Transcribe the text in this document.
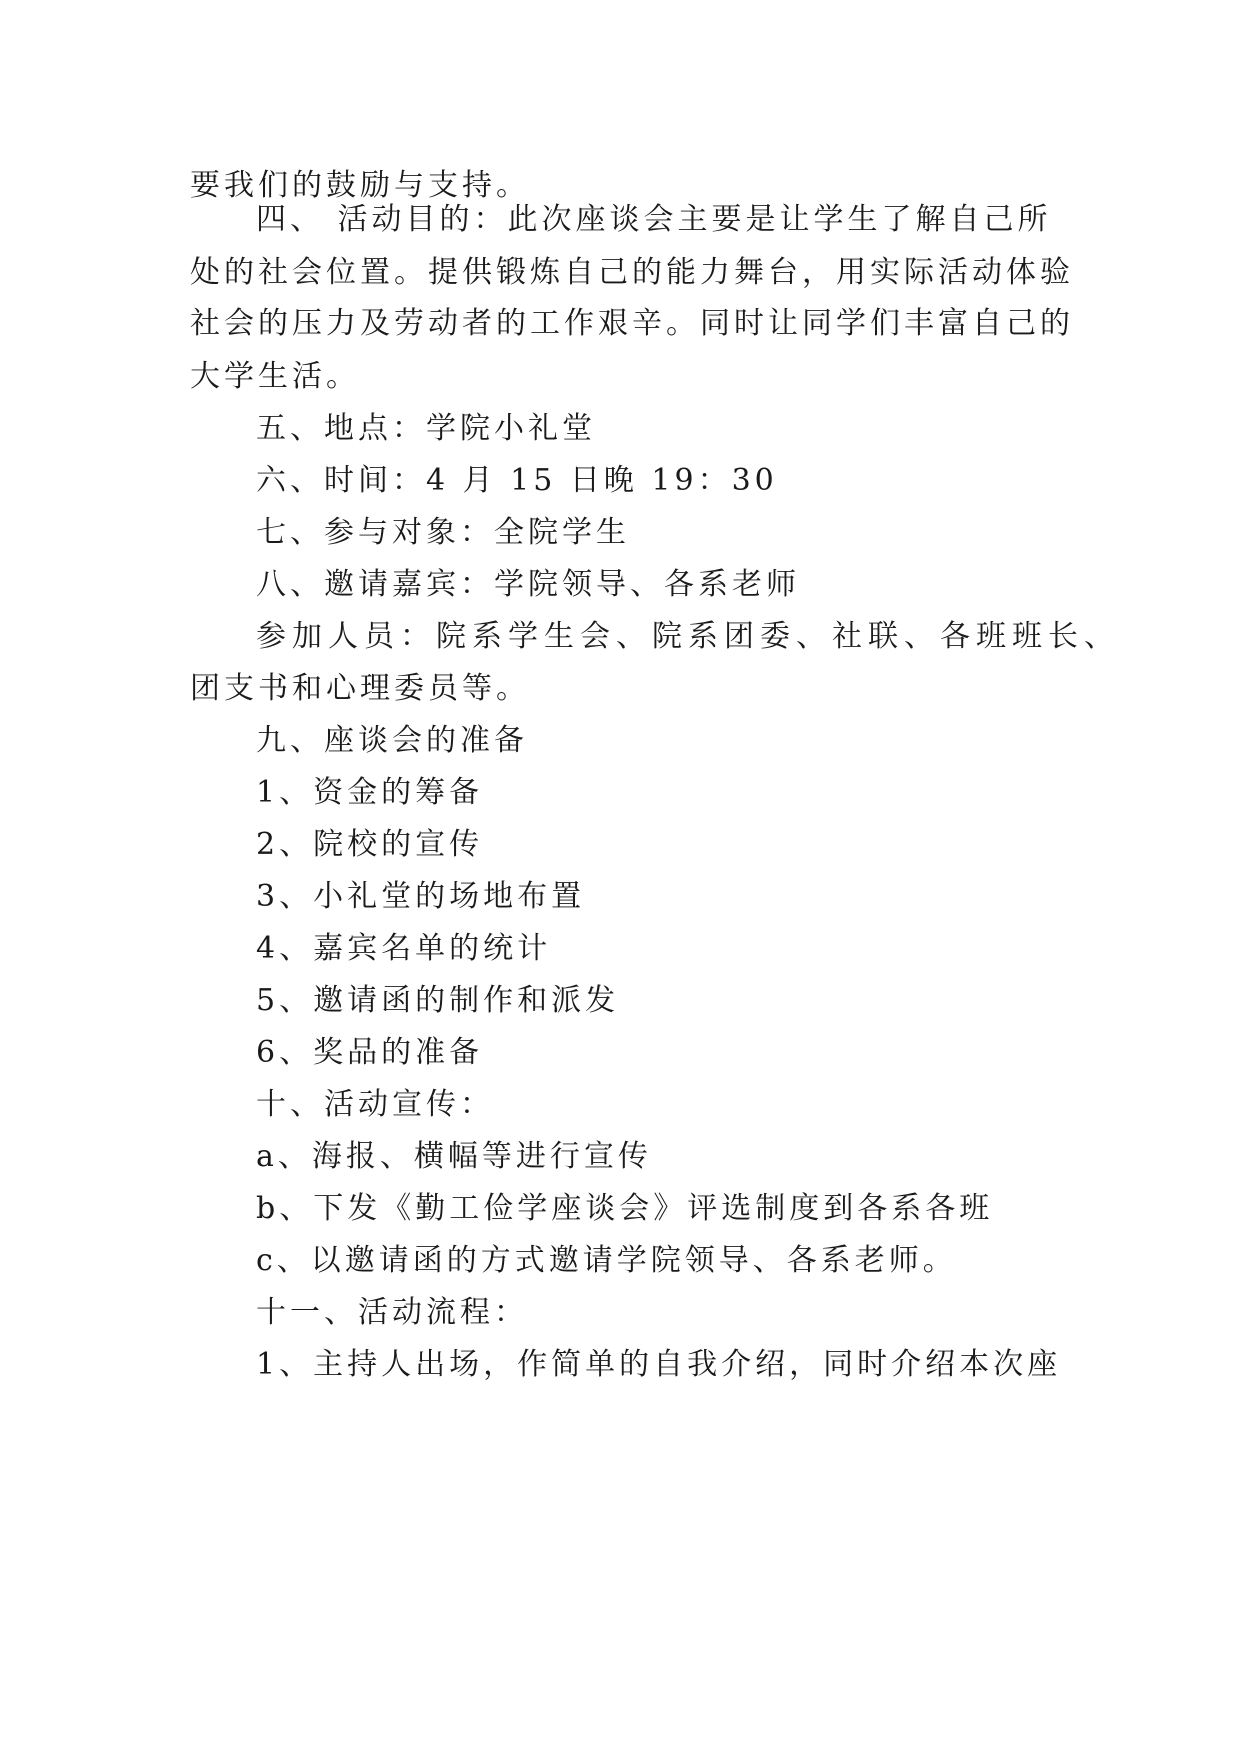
要我们的鼓励与支持。
四、 活动目的：此次座谈会主要是让学生了解自己所
处的社会位置。提供锻炼自己的能力舞台，用实际活动体验
社会的压力及劳动者的工作艰辛。同时让同学们丰富自己的
大学生活。
五、地点：学院小礼堂
六、时间：4 月 15 日晚 19：30
七、参与对象：全院学生
八、邀请嘉宾：学院领导、各系老师
参加人员：院系学生会、院系团委、社联、各班班长、
团支书和心理委员等。
九、座谈会的准备
1、资金的筹备
2、院校的宣传
3、小礼堂的场地布置
4、嘉宾名单的统计
5、邀请函的制作和派发
6、奖品的准备
十、活动宣传：
a、海报、横幅等进行宣传
b、下发《勤工俭学座谈会》评选制度到各系各班
c、以邀请函的方式邀请学院领导、各系老师。
十一、活动流程：
1、主持人出场，作简单的自我介绍，同时介绍本次座
